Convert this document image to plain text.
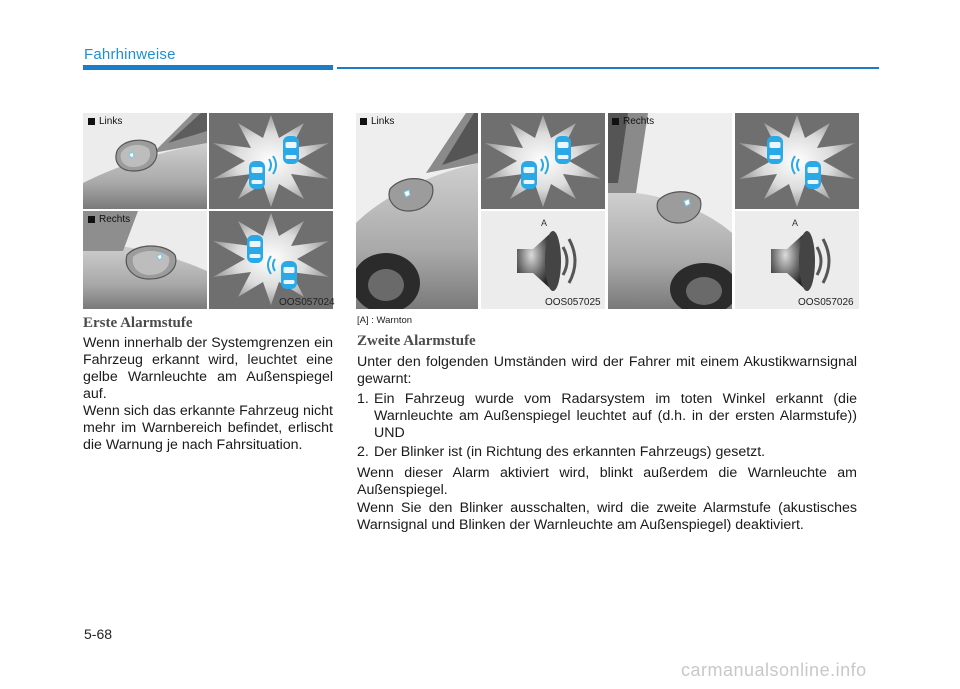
Fahrhinweise
Links
Rechts
OOS057024
Links
A
OOS057025
Rechts
A
OOS057026
Erste Alarmstufe
Wenn innerhalb der Systemgrenzen ein Fahrzeug erkannt wird, leuchtet eine gelbe Warnleuchte am Außenspiegel auf.
Wenn sich das erkannte Fahrzeug nicht mehr im Warnbereich befindet, erlischt die Warnung je nach Fahrsituation.
[A] : Warnton
Zweite Alarmstufe
Unter den folgenden Umständen wird der Fahrer mit einem Akustikwarnsignal gewarnt:
1. Ein Fahrzeug wurde vom Radarsystem im toten Winkel erkannt (die Warnleuchte am Außenspiegel leuchtet auf (d.h. in der ersten Alarmstufe)) UND
2. Der Blinker ist (in Richtung des erkannten Fahrzeugs) gesetzt.
Wenn dieser Alarm aktiviert wird, blinkt außerdem die Warnleuchte am Außenspiegel.
Wenn Sie den Blinker ausschalten, wird die zweite Alarmstufe (akustisches Warnsignal und Blinken der Warnleuchte am Außenspiegel) deaktiviert.
5-68
carmanualsonline.info
